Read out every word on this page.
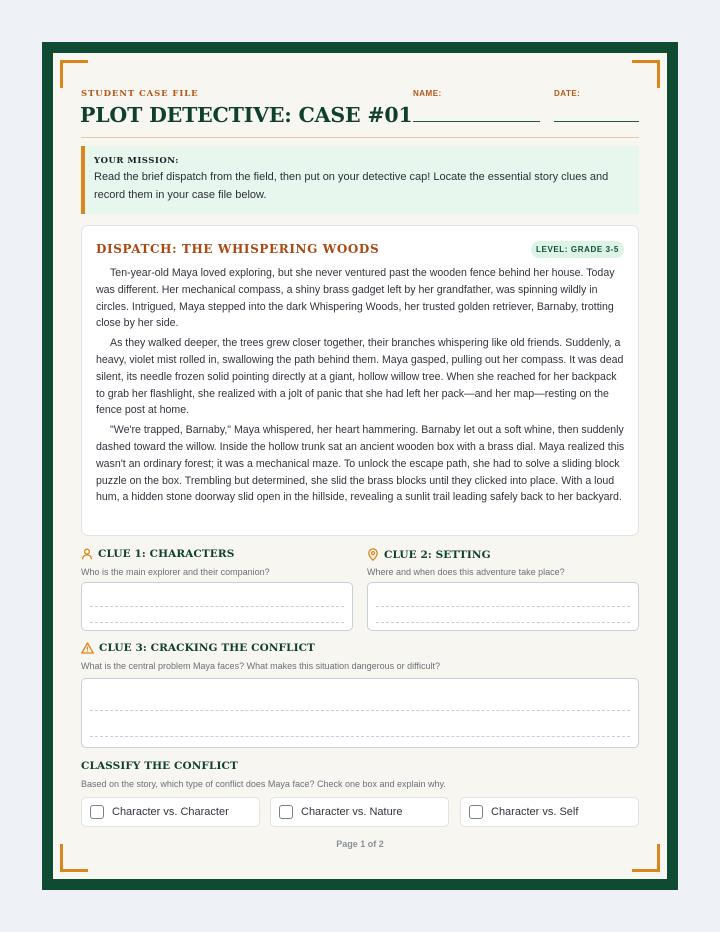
STUDENT CASE FILE
PLOT DETECTIVE: CASE #01
NAME:	DATE:
YOUR MISSION:
Read the brief dispatch from the field, then put on your detective cap! Locate the essential story clues and record them in your case file below.
DISPATCH: THE WHISPERING WOODS	LEVEL: GRADE 3-5

Ten-year-old Maya loved exploring, but she never ventured past the wooden fence behind her house. Today was different. Her mechanical compass, a shiny brass gadget left by her grandfather, was spinning wildly in circles. Intrigued, Maya stepped into the dark Whispering Woods, her trusted golden retriever, Barnaby, trotting close by her side.

As they walked deeper, the trees grew closer together, their branches whispering like old friends. Suddenly, a heavy, violet mist rolled in, swallowing the path behind them. Maya gasped, pulling out her compass. It was dead silent, its needle frozen solid pointing directly at a giant, hollow willow tree. When she reached for her backpack to grab her flashlight, she realized with a jolt of panic that she had left her pack—and her map—resting on the fence post at home.

"We're trapped, Barnaby," Maya whispered, her heart hammering. Barnaby let out a soft whine, then suddenly dashed toward the willow. Inside the hollow trunk sat an ancient wooden box with a brass dial. Maya realized this wasn't an ordinary forest; it was a mechanical maze. To unlock the escape path, she had to solve a sliding block puzzle on the box. Trembling but determined, she slid the brass blocks until they clicked into place. With a loud hum, a hidden stone doorway slid open in the hillside, revealing a sunlit trail leading safely back to her backyard.

CLUE 1: CHARACTERS
Who is the main explorer and their companion?
CLUE 2: SETTING
Where and when does this adventure take place?
CLUE 3: CRACKING THE CONFLICT
What is the central problem Maya faces? What makes this situation dangerous or difficult?
CLASSIFY THE CONFLICT
Based on the story, which type of conflict does Maya face? Check one box and explain why.
Character vs. Character	Character vs. Nature	Character vs. Self
Page 1 of 2
